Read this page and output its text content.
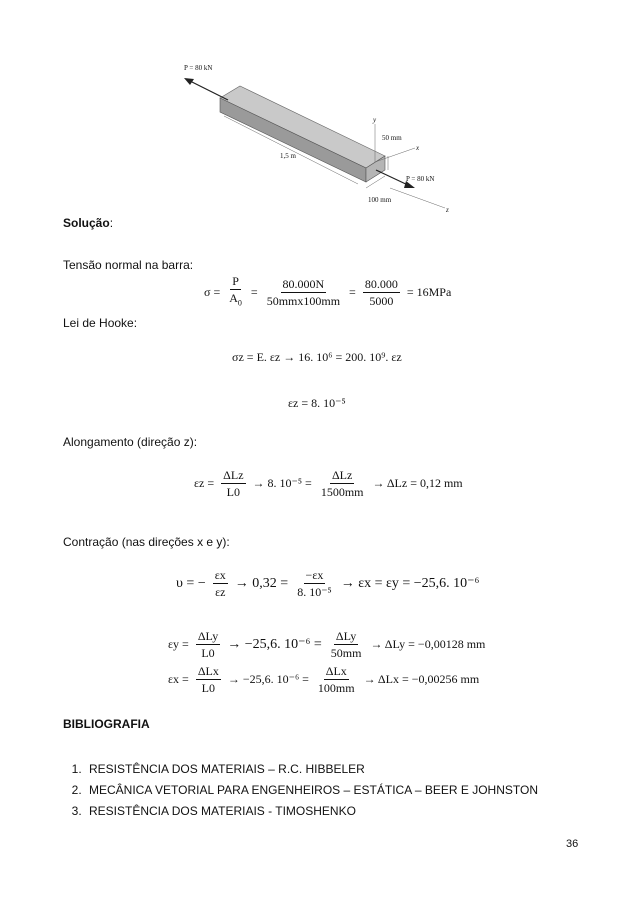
P = 80 kN
P = 80 kN
1,5 m
y
x
z
50 mm
100 mm
Solução:
Tensão normal na barra:
$\sigma = \frac{P}{A_0} = \frac{80.000N}{\text{50mmx100mm}} = \frac{80.000}{5000} = 16MPa$
Lei de Hooke:
σz = E. εz → 16. 10⁶ = 200. 10⁹. εz
εz = 8. 10⁻⁵
Alongamento (direção z):
$\varepsilon z = \frac{\text{ΔLz}}{L0} \to 8$. $10^{-5} = \frac{\text{ΔLz}}{1500mm} \to \Delta Lz = 0,12$ mm
Contração (nas direções x e y):
υ = − $\frac{\varepsilon x}{\varepsilon z} \to 0,32 = \frac{-\varepsilon x}{\text{8. 10⁻⁵}} \to \varepsilon x = \varepsilon y = -25,6$. 10⁻⁶
$\varepsilon y = \frac{\text{ΔLy}}{L0} \to -25,6$. $10^{-6} = \frac{\text{ΔLy}}{50mm} \to \Delta Ly = -0,00128$ mm
$\varepsilon x = \frac{\text{ΔLx}}{L0} \to -25,6$. $10^{-6} = \frac{\text{ΔLx}}{100mm} \to \Delta Lx = -0,00256$ mm
BIBLIOGRAFIA
1. RESISTÊNCIA DOS MATERIAIS – R.C. HIBBELER
2. MECÂNICA VETORIAL PARA ENGENHEIROS – ESTÁTICA – BEER E JOHNSTON
3. RESISTÊNCIA DOS MATERIAIS - TIMOSHENKO
36
